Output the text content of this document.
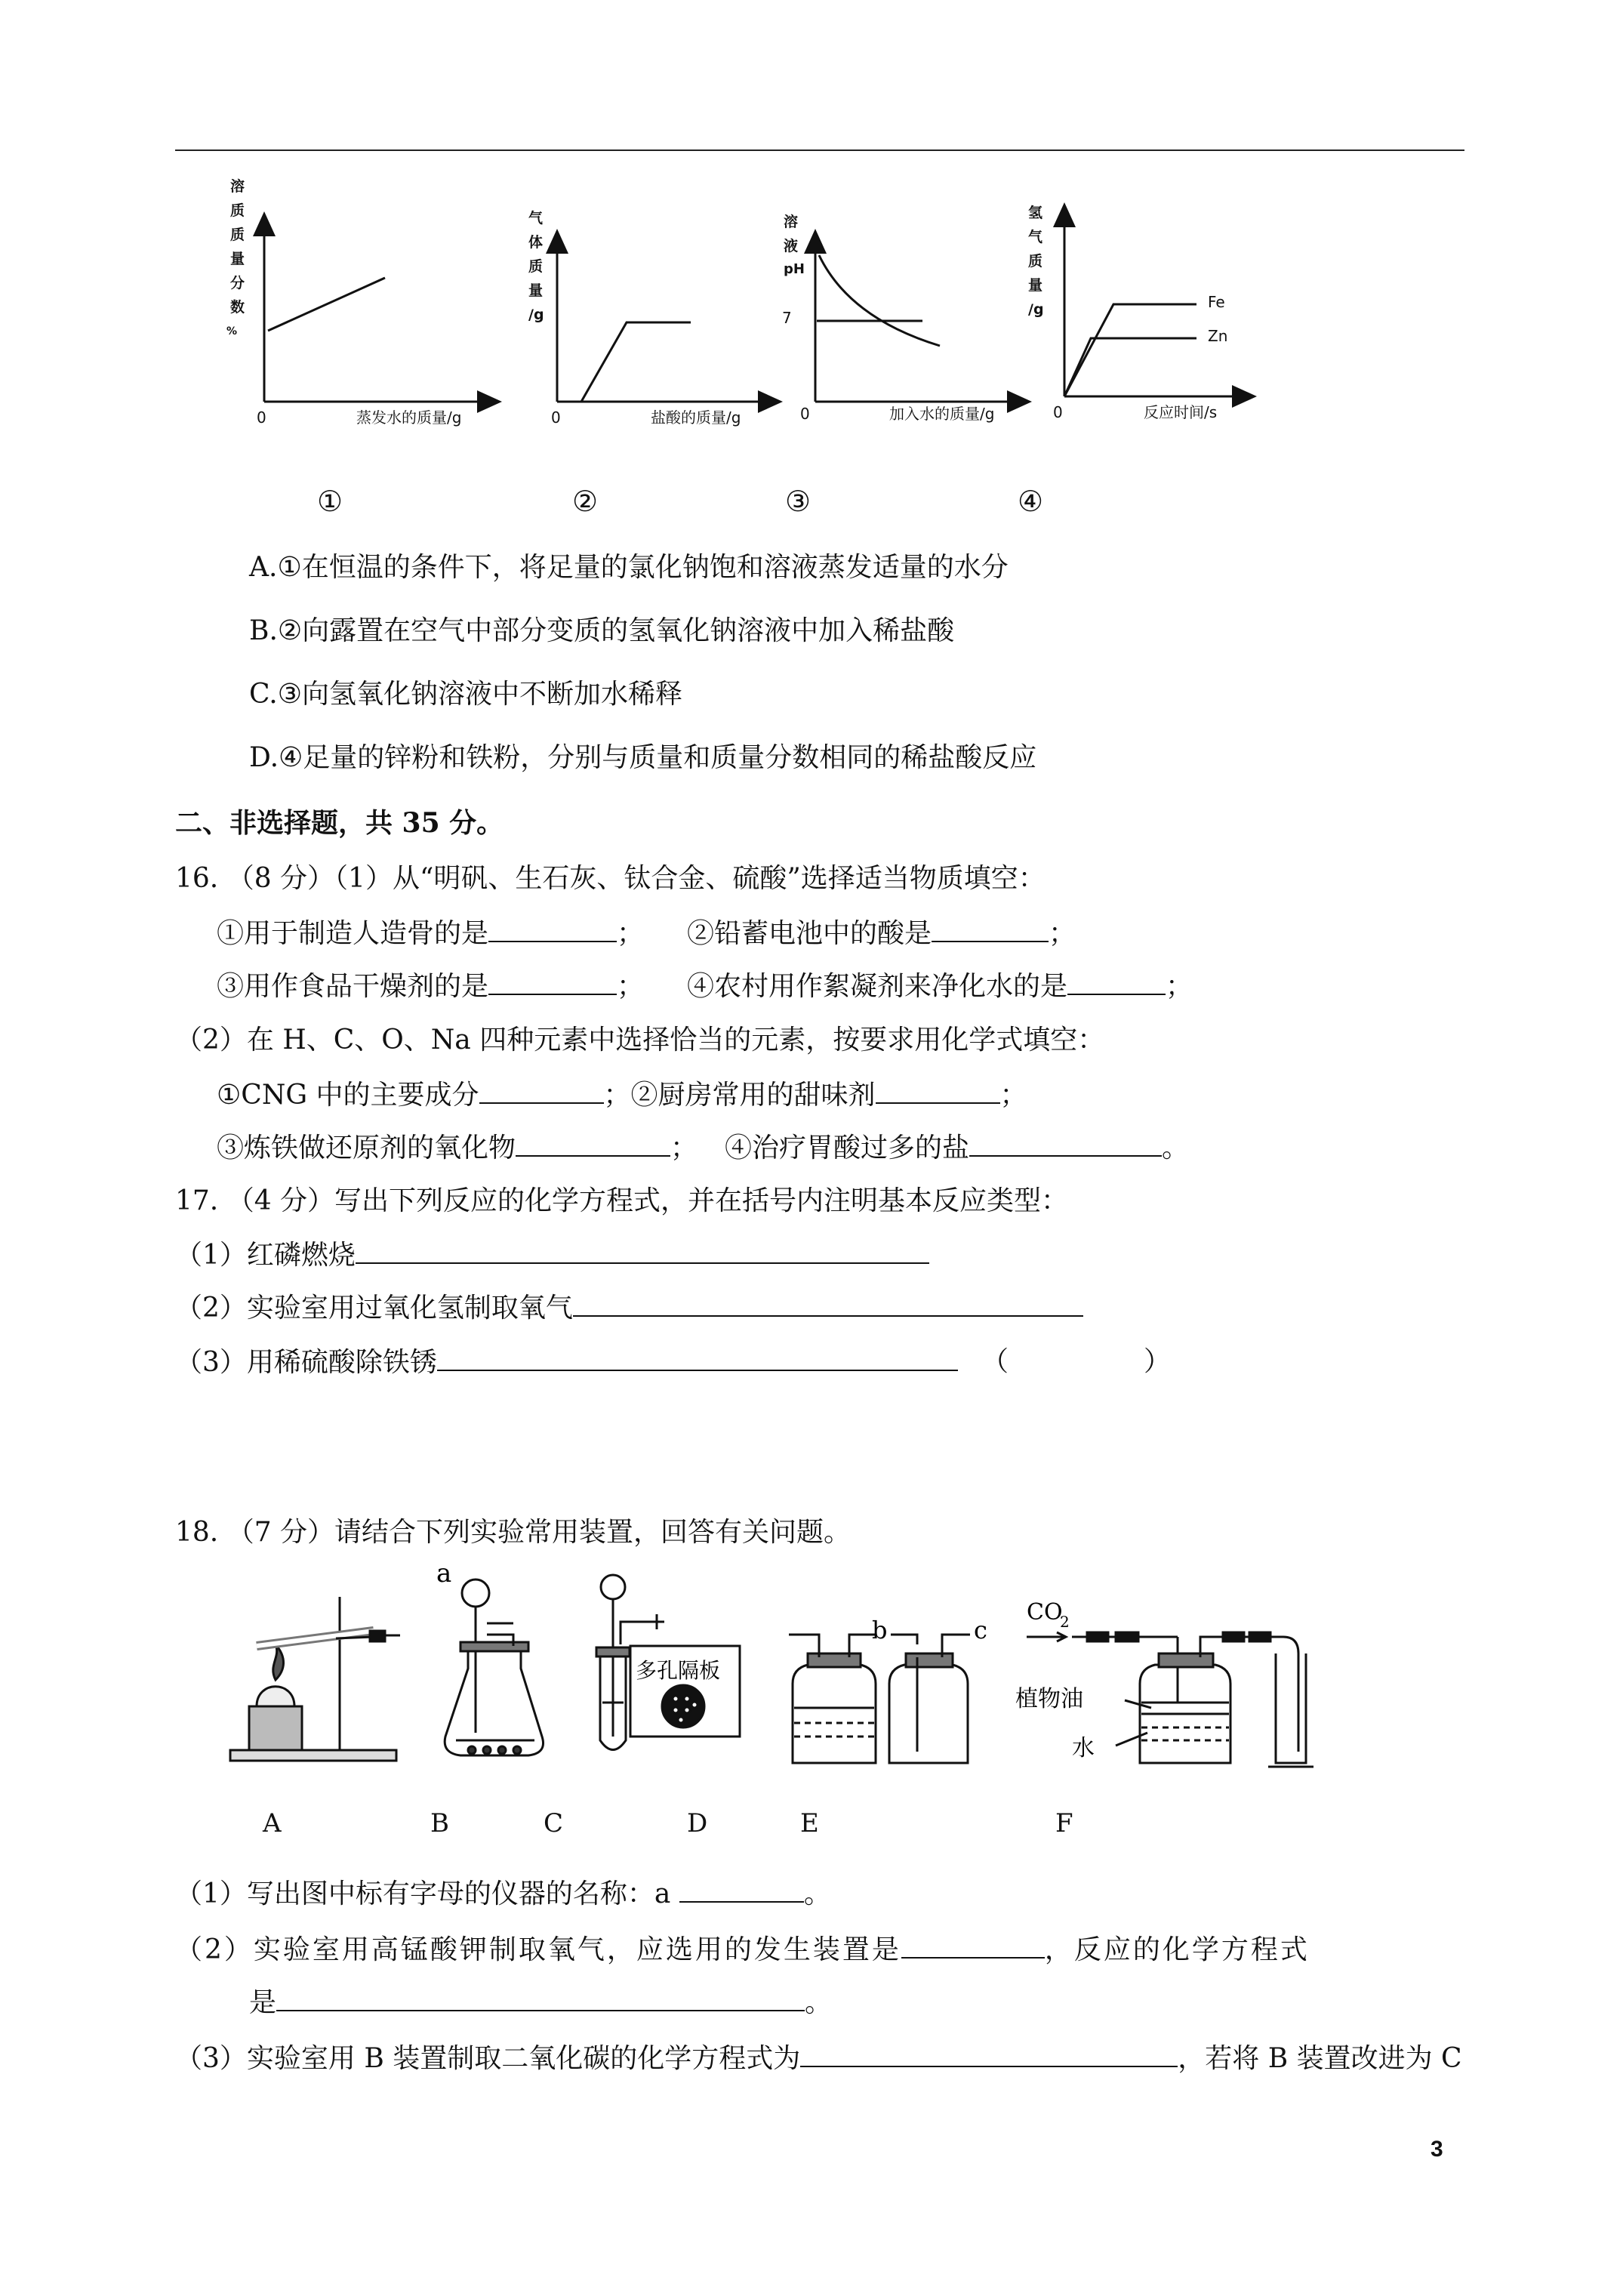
溶
质
质
量
分
数
%
0	蒸发水的质量/g
气
体
质
量
/g
0	盐酸的质量/g
溶
液
pH
7
0	加入水的质量/g
氢
气
质
量
/g	Fe
Zn
0	反应时间/s
①	②	③	④
A.①在恒温的条件下，将足量的氯化钠饱和溶液蒸发适量的水分
B.②向露置在空气中部分变质的氢氧化钠溶液中加入稀盐酸
C.③向氢氧化钠溶液中不断加水稀释
D.④足量的锌粉和铁粉，分别与质量和质量分数相同的稀盐酸反应
二、非选择题，共 35 分。
16. （8 分）（1）从“明矾、生石灰、钛合金、硫酸”选择适当物质填空：
①用于制造人造骨的是	； ②铅蓄电池中的酸是	；
③用作食品干燥剂的是	； ④农村用作絮凝剂来净化水的是	；
（2）在 H、C、O、Na 四种元素中选择恰当的元素，按要求用化学式填空：
①CNG 中的主要成分	；②厨房常用的甜味剂	；
③炼铁做还原剂的氧化物	； ④治疗胃酸过多的盐	。
17. （4 分）写出下列反应的化学方程式，并在括号内注明基本反应类型：
（1）红磷燃烧
（2）实验室用过氧化氢制取氧气
（3）用稀硫酸除铁锈	（	）
18. （7 分）请结合下列实验常用装置，回答有关问题。
a
多孔隔板
b	c
CO
2
植物油
水
A	B	C	D	E	F
（1）写出图中标有字母的仪器的名称：a	。
（2）实验室用高锰酸钾制取氧气，应选用的发生装置是	，反应的化学方程式
是	。
（3）实验室用 B 装置制取二氧化碳的化学方程式为	，若将 B 装置改进为 C
3
